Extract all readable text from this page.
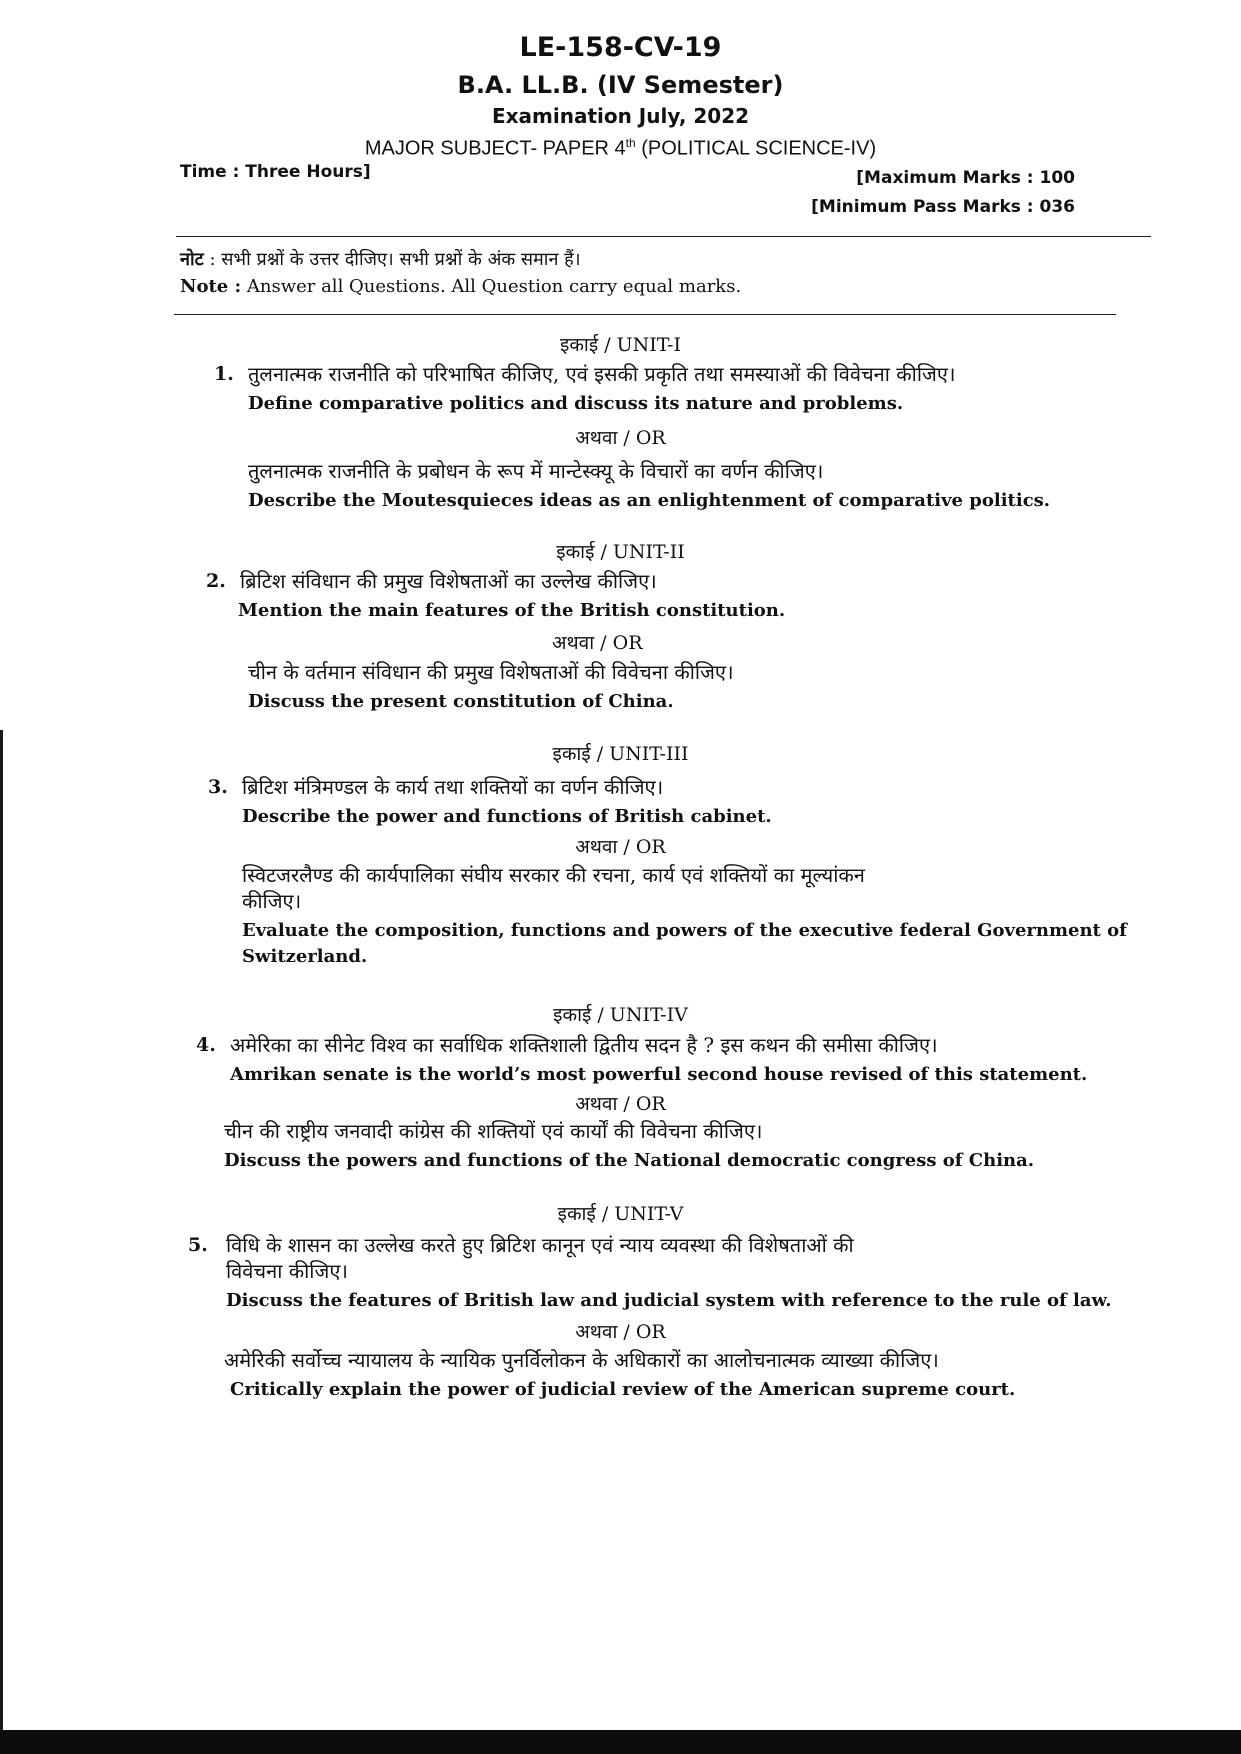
LE-158-CV-19
B.A. LL.B. (IV Semester)
Examination July, 2022
MAJOR SUBJECT- PAPER 4th (POLITICAL SCIENCE-IV)
Time : Three Hours]	[Maximum Marks : 100
[Minimum Pass Marks : 036
नोट : सभी प्रश्नों के उत्तर दीजिए। सभी प्रश्नों के अंक समान हैं।
Note : Answer all Questions. All Question carry equal marks.
इकाई / UNIT-I
1. तुलनात्मक राजनीति को परिभाषित कीजिए, एवं इसकी प्रकृति तथा समस्याओं की विवेचना कीजिए।
Define comparative politics and discuss its nature and problems.
अथवा / OR
तुलनात्मक राजनीति के प्रबोधन के रूप में मान्टेस्क्यू के विचारों का वर्णन कीजिए।
Describe the Moutesquieces ideas as an enlightenment of comparative politics.
इकाई / UNIT-II
2. ब्रिटिश संविधान की प्रमुख विशेषताओं का उल्लेख कीजिए।
Mention the main features of the British constitution.
अथवा / OR
चीन के वर्तमान संविधान की प्रमुख विशेषताओं की विवेचना कीजिए।
Discuss the present constitution of China.
इकाई / UNIT-III
3. ब्रिटिश मंत्रिमण्डल के कार्य तथा शक्तियों का वर्णन कीजिए।
Describe the power and functions of British cabinet.
अथवा / OR
स्विटजरलैण्ड की कार्यपालिका संघीय सरकार की रचना, कार्य एवं शक्तियों का मूल्यांकन
कीजिए।
Evaluate the composition, functions and powers of the executive federal Government of
Switzerland.
इकाई / UNIT-IV
4. अमेरिका का सीनेट विश्व का सर्वाधिक शक्तिशाली द्वितीय सदन है ? इस कथन की समीसा कीजिए।
Amrikan senate is the world’s most powerful second house revised of this statement.
अथवा / OR
चीन की राष्ट्रीय जनवादी कांग्रेस की शक्तियों एवं कार्यों की विवेचना कीजिए।
Discuss the powers and functions of the National democratic congress of China.
इकाई / UNIT-V
5. विधि के शासन का उल्लेख करते हुए ब्रिटिश कानून एवं न्याय व्यवस्था की विशेषताओं की
विवेचना कीजिए।
Discuss the features of British law and judicial system with reference to the rule of law.
अथवा / OR
अमेरिकी सर्वोच्च न्यायालय के न्यायिक पुनर्विलोकन के अधिकारों का आलोचनात्मक व्याख्या कीजिए।
Critically explain the power of judicial review of the American supreme court.
